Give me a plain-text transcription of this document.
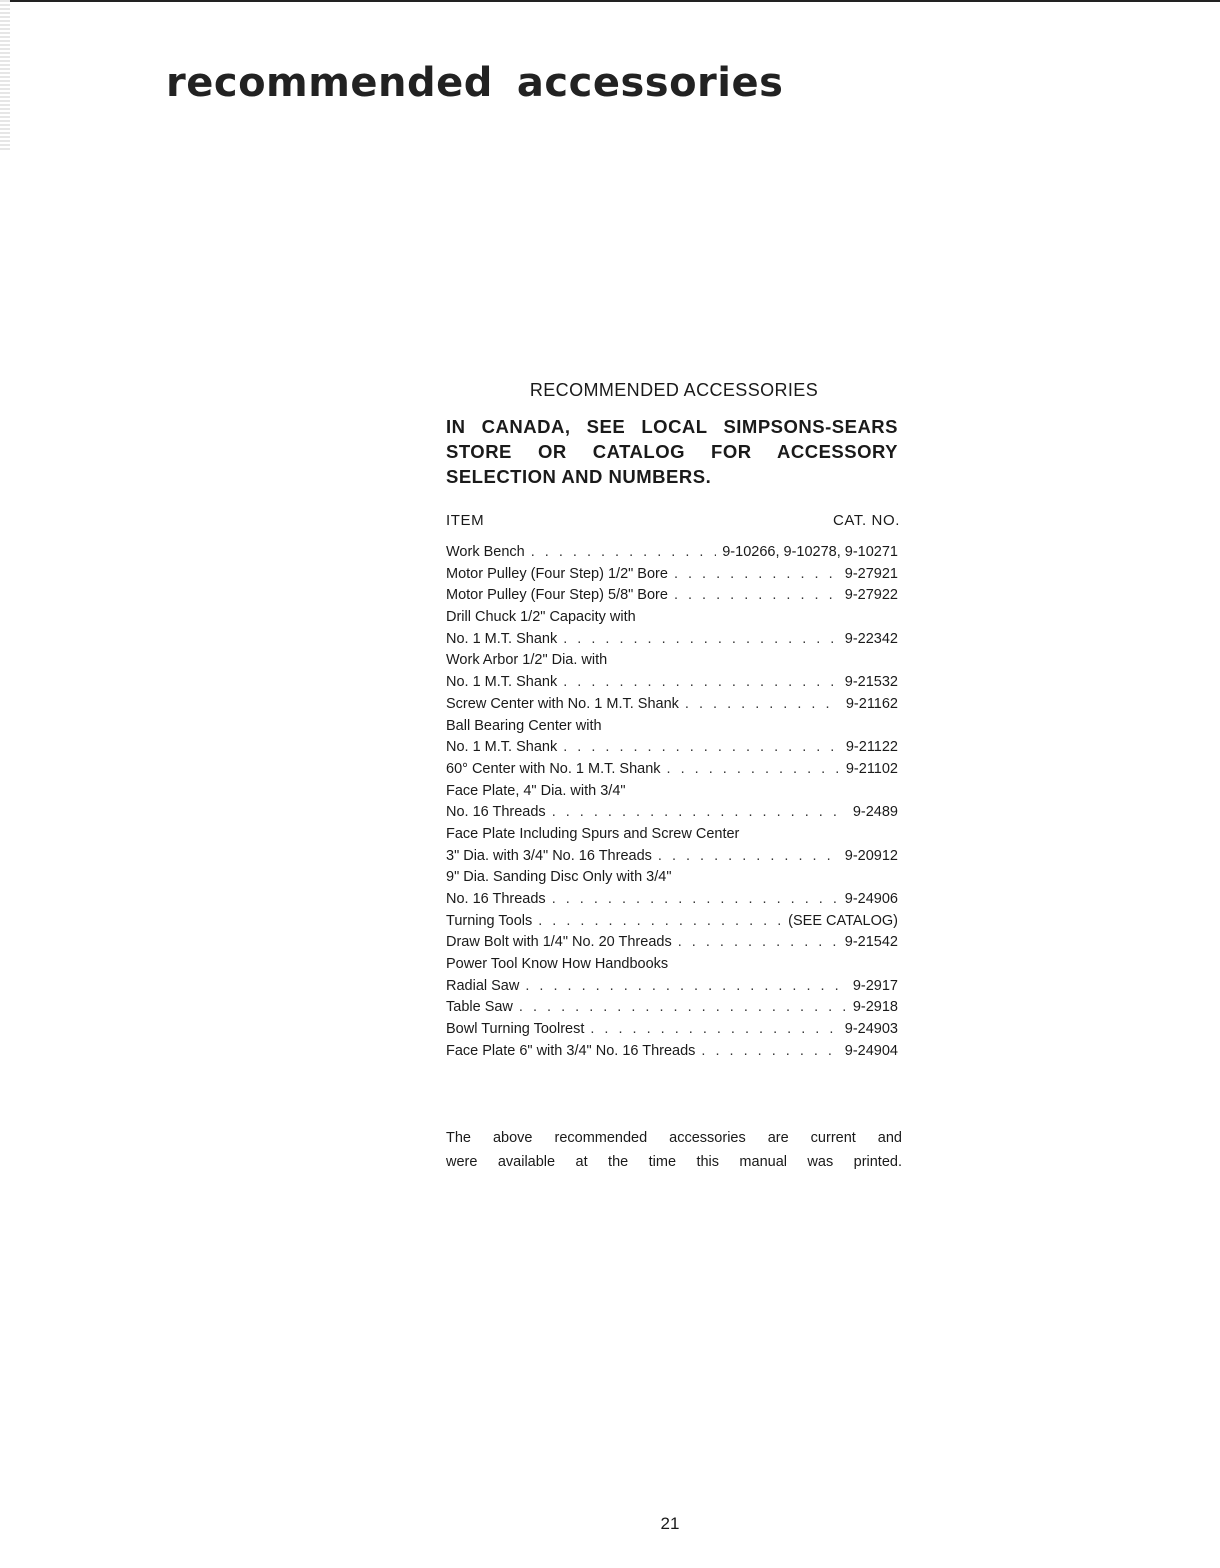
recommended accessories
RECOMMENDED ACCESSORIES
IN CANADA, SEE LOCAL SIMPSONS-SEARS
STORE OR CATALOG FOR ACCESSORY
SELECTION AND NUMBERS.
ITEM	CAT. NO.
Work Bench . . .	9-10266, 9-10278, 9-10271
Motor Pulley (Four Step) 1/2" Bore . . .	9-27921
Motor Pulley (Four Step) 5/8" Bore . . .	9-27922
Drill Chuck 1/2" Capacity with
No. 1 M.T. Shank . . .	9-22342
Work Arbor 1/2" Dia. with
No. 1 M.T. Shank . . .	9-21532
Screw Center with No. 1 M.T. Shank . . .	9-21162
Ball Bearing Center with
No. 1 M.T. Shank . . .	9-21122
60° Center with No. 1 M.T. Shank . . .	9-21102
Face Plate, 4" Dia. with 3/4"
No. 16 Threads . . .	9-2489
Face Plate Including Spurs and Screw Center
3" Dia. with 3/4" No. 16 Threads . . .	9-20912
9" Dia. Sanding Disc Only with 3/4"
No. 16 Threads . . .	9-24906
Turning Tools . . .	(SEE CATALOG)
Draw Bolt with 1/4" No. 20 Threads . . .	9-21542
Power Tool Know How Handbooks
Radial Saw . . .	9-2917
Table Saw . . .	9-2918
Bowl Turning Toolrest . . .	9-24903
Face Plate 6" with 3/4" No. 16 Threads . . .	9-24904
The above recommended accessories are current and
were available at the time this manual was printed.
21
